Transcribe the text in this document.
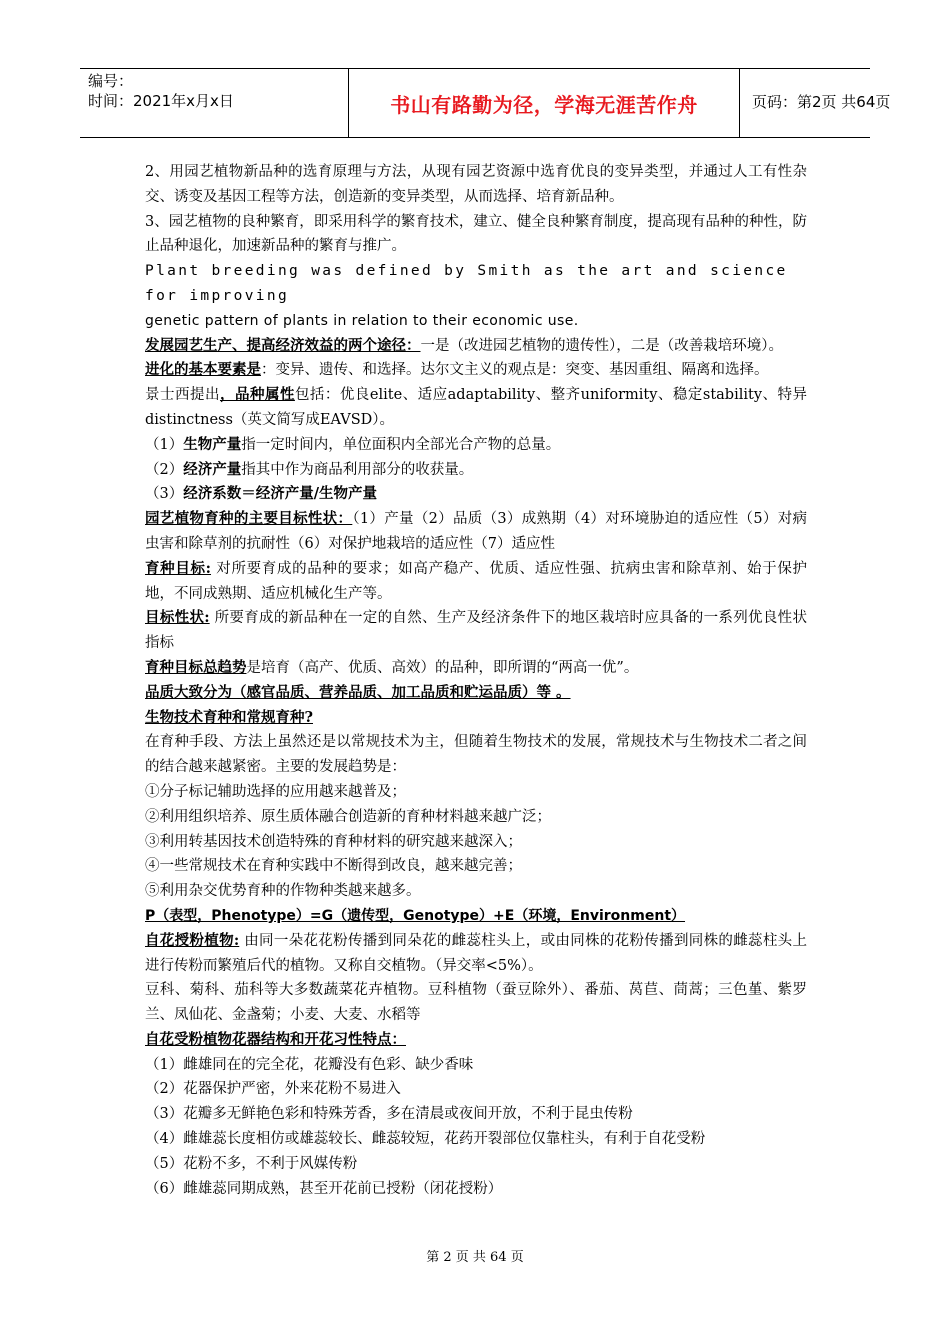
编号：
时间：2021年x月x日	书山有路勤为径，学海无涯苦作舟	页码：第2页 共64页

2、用园艺植物新品种的选育原理与方法，从现有园艺资源中选育优良的变异类型，并通过人工有性杂交、诱变及基因工程等方法，创造新的变异类型，从而选择、培育新品种。

3、园艺植物的良种繁育，即采用科学的繁育技术，建立、健全良种繁育制度，提高现有品种的种性，防止品种退化，加速新品种的繁育与推广。

Plant breeding was defined by Smith as the art and science for improving
genetic pattern of plants in relation to their economic use.

发展园艺生产、提高经济效益的两个途径：一是（改进园艺植物的遗传性），二是（改善栽培环境）。

进化的基本要素是：变异、遗传、和选择。达尔文主义的观点是：突变、基因重组、隔离和选择。

景士西提出，品种属性包括：优良elite、适应adaptability、整齐uniformity、稳定stability、特异distinctness（英文简写成EAVSD）。

（1）生物产量指一定时间内，单位面积内全部光合产物的总量。

（2）经济产量指其中作为商品利用部分的收获量。

（3）经济系数＝经济产量/生物产量

园艺植物育种的主要目标性状：（1）产量（2）品质（3）成熟期（4）对环境胁迫的适应性（5）对病虫害和除草剂的抗耐性（6）对保护地栽培的适应性（7）适应性

育种目标: 对所要育成的品种的要求；如高产稳产、优质、适应性强、抗病虫害和除草剂、始于保护地，不同成熟期、适应机械化生产等。

目标性状: 所要育成的新品种在一定的自然、生产及经济条件下的地区栽培时应具备的一系列优良性状指标

育种目标总趋势是培育（高产、优质、高效）的品种，即所谓的“两高一优”。

品质大致分为（感官品质、营养品质、加工品质和贮运品质）等 。

生物技术育种和常规育种?

在育种手段、方法上虽然还是以常规技术为主，但随着生物技术的发展，常规技术与生物技术二者之间的结合越来越紧密。主要的发展趋势是：

①分子标记辅助选择的应用越来越普及；

②利用组织培养、原生质体融合创造新的育种材料越来越广泛；

③利用转基因技术创造特殊的育种材料的研究越来越深入；

④一些常规技术在育种实践中不断得到改良，越来越完善；

⑤利用杂交优势育种的作物种类越来越多。

P（表型，Phenotype）=G（遗传型，Genotype）+E（环境，Environment）

自花授粉植物: 由同一朵花花粉传播到同朵花的雌蕊柱头上，或由同株的花粉传播到同株的雌蕊柱头上进行传粉而繁殖后代的植物。又称自交植物。（异交率<5%）。

豆科、菊科、茄科等大多数蔬菜花卉植物。豆科植物（蚕豆除外）、番茄、莴苣、茼蒿；三色堇、紫罗兰、凤仙花、金盏菊；小麦、大麦、水稻等

自花受粉植物花器结构和开花习性特点：

（1）雌雄同在的完全花，花瓣没有色彩、缺少香味

（2）花器保护严密，外来花粉不易进入

（3）花瓣多无鲜艳色彩和特殊芳香，多在清晨或夜间开放，不利于昆虫传粉

（4）雌雄蕊长度相仿或雄蕊较长、雌蕊较短，花药开裂部位仅靠柱头，有利于自花受粉

（5）花粉不多，不利于风媒传粉

（6）雌雄蕊同期成熟，甚至开花前已授粉（闭花授粉）

第 2 页 共 64 页
